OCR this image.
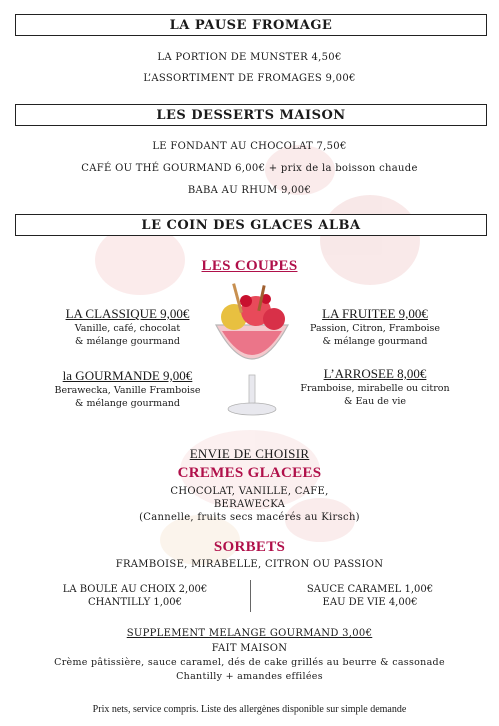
LA PAUSE FROMAGE
LA PORTION DE MUNSTER 4,50€
L’ASSORTIMENT DE FROMAGES 9,00€
LES DESSERTS MAISON
LE FONDANT AU CHOCOLAT 7,50€
CAFÉ OU THÉ GOURMAND 6,00€ + prix de la boisson chaude
BABA AU RHUM 9,00€
LE COIN DES GLACES ALBA
LES COUPES
LA CLASSIQUE 9,00€
Vanille, café, chocolat
& mélange gourmand
LA FRUITEE 9,00€
Passion, Citron, Framboise
& mélange gourmand
la GOURMANDE 9,00€
Berawecka, Vanille Framboise
& mélange gourmand
L’ARROSEE 8,00€
Framboise, mirabelle ou citron
& Eau de vie
ENVIE DE CHOISIR
CREMES GLACEES
CHOCOLAT, VANILLE, CAFE,
BERAWECKA
(Cannelle, fruits secs macérés au Kirsch)
SORBETS
FRAMBOISE, MIRABELLE, CITRON OU PASSION
LA BOULE AU CHOIX 2,00€
CHANTILLY 1,00€
SAUCE CARAMEL 1,00€
EAU DE VIE 4,00€
SUPPLEMENT MELANGE GOURMAND 3,00€
FAIT MAISON
Crème pâtissière, sauce caramel, dés de cake grillés au beurre & cassonade
Chantilly + amandes effilées
Prix nets, service compris. Liste des allergènes disponible sur simple demande
